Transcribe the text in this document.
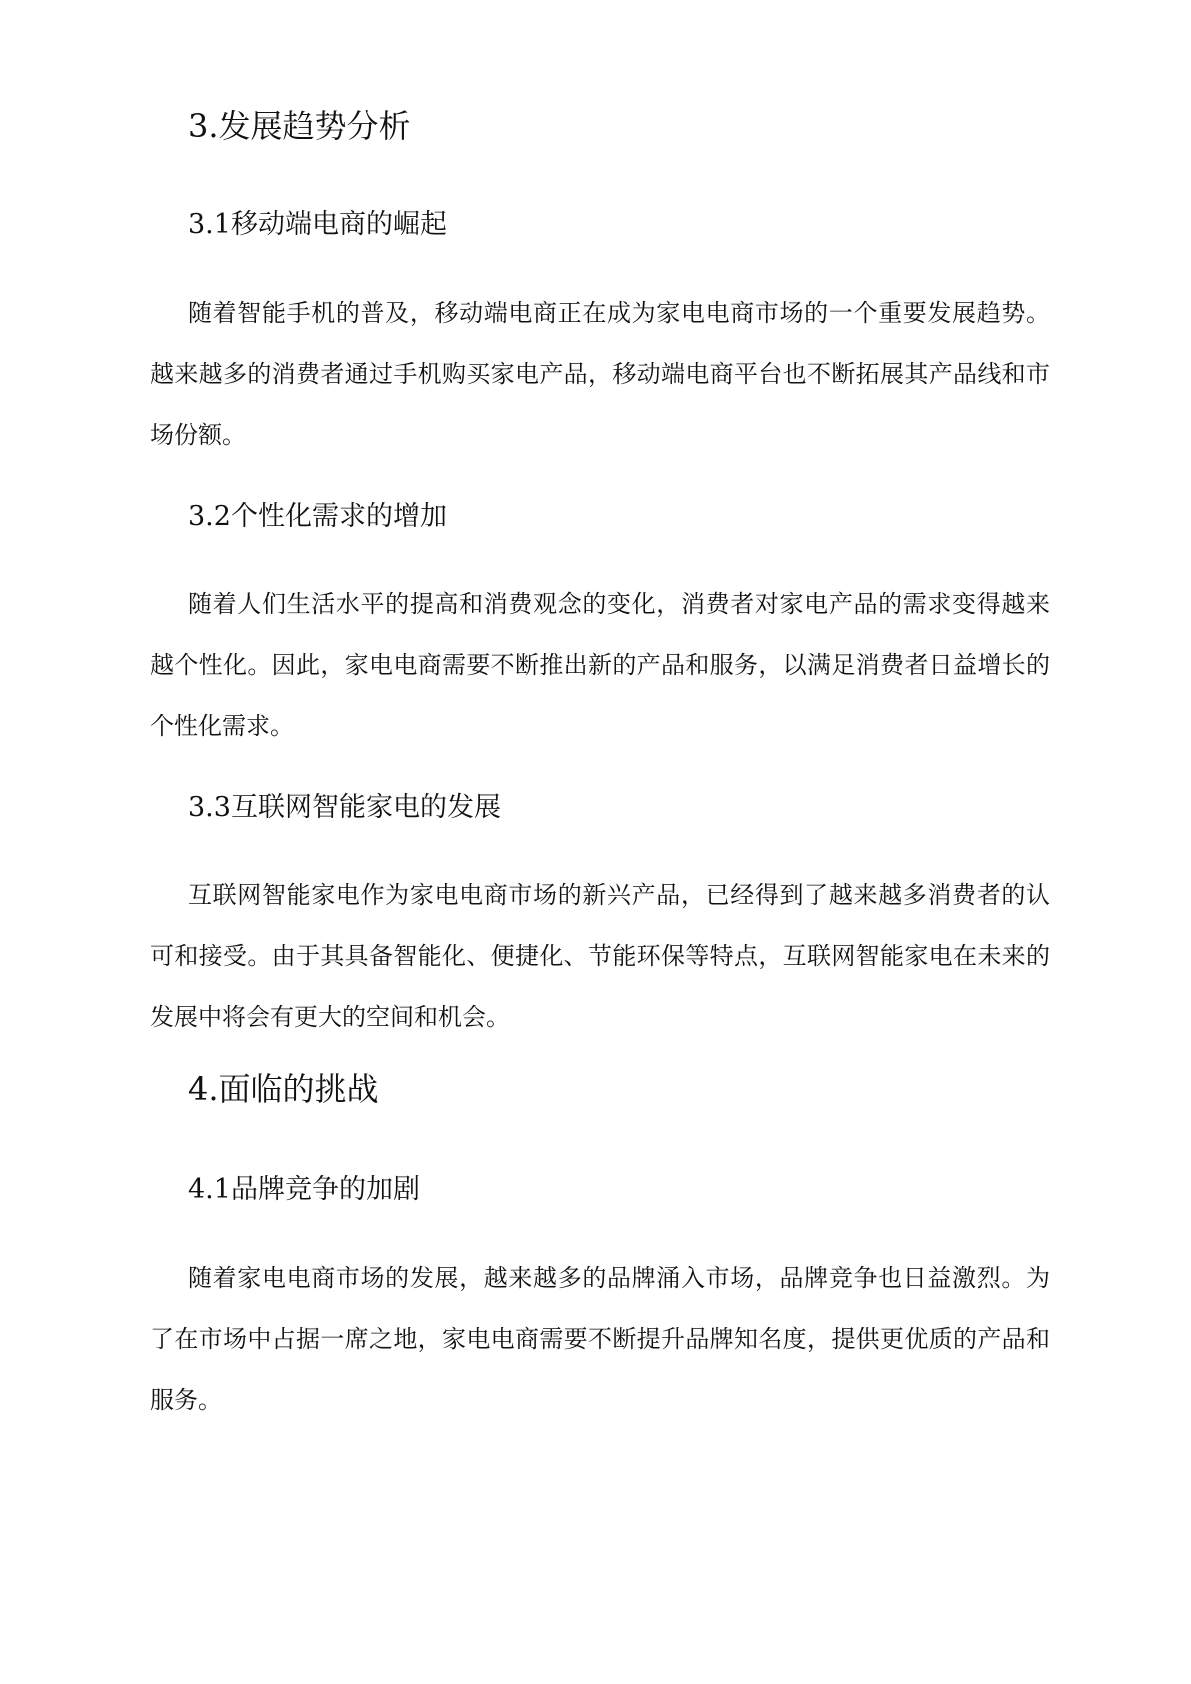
3.发展趋势分析
3.1移动端电商的崛起

随着智能手机的普及，移动端电商正在成为家电电商市场的一个重要发展趋势。越来越多的消费者通过手机购买家电产品，移动端电商平台也不断拓展其产品线和市场份额。

3.2个性化需求的增加

随着人们生活水平的提高和消费观念的变化，消费者对家电产品的需求变得越来越个性化。因此，家电电商需要不断推出新的产品和服务，以满足消费者日益增长的个性化需求。

3.3互联网智能家电的发展

互联网智能家电作为家电电商市场的新兴产品，已经得到了越来越多消费者的认可和接受。由于其具备智能化、便捷化、节能环保等特点，互联网智能家电在未来的发展中将会有更大的空间和机会。

4.面临的挑战
4.1品牌竞争的加剧

随着家电电商市场的发展，越来越多的品牌涌入市场，品牌竞争也日益激烈。为了在市场中占据一席之地，家电电商需要不断提升品牌知名度，提供更优质的产品和服务。
